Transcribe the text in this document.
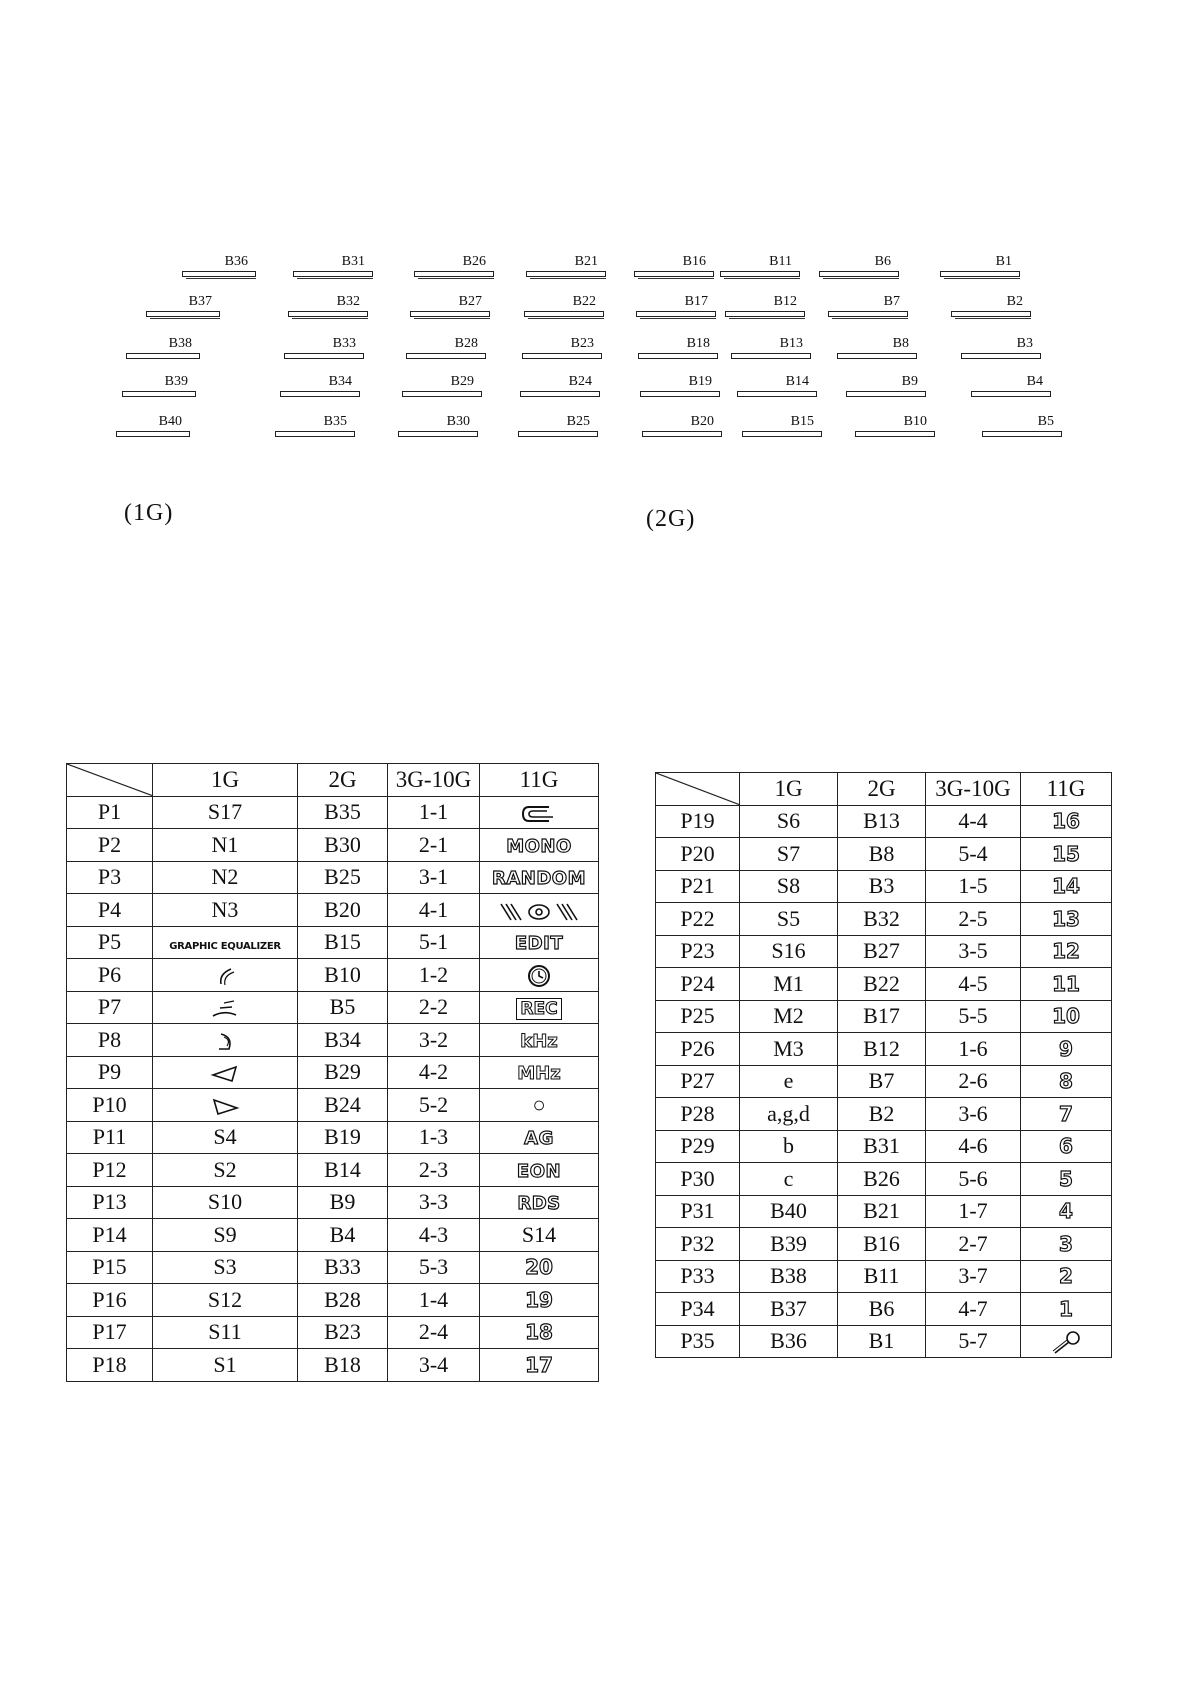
B36
B37
B38
B39
B40
B31
B32
B33
B34
B35
B26
B27
B28
B29
B30
B21
B22
B23
B24
B25
B16
B17
B18
B19
B20
B11
B12
B13
B14
B15
B6
B7
B8
B9
B10
B1
B2
B3
B4
B5
(1G)	(2G)
	1G	2G	3G-10G	11G
P1	S17	B35	1-1	
P2	N1	B30	2-1	MONO
P3	N2	B25	3-1	RANDOM
P4	N3	B20	4-1	
P5	GRAPHIC EQUALIZER	B15	5-1	EDIT
P6		B10	1-2	
P7		B5	2-2	REC
P8		B34	3-2	kHz
P9		B29	4-2	MHz
P10		B24	5-2	○
P11	S4	B19	1-3	AG
P12	S2	B14	2-3	EON
P13	S10	B9	3-3	RDS
P14	S9	B4	4-3	S14
P15	S3	B33	5-3	20
P16	S12	B28	1-4	19
P17	S11	B23	2-4	18
P18	S1	B18	3-4	17
	1G	2G	3G-10G	11G
P19	S6	B13	4-4	16
P20	S7	B8	5-4	15
P21	S8	B3	1-5	14
P22	S5	B32	2-5	13
P23	S16	B27	3-5	12
P24	M1	B22	4-5	11
P25	M2	B17	5-5	10
P26	M3	B12	1-6	9
P27	e	B7	2-6	8
P28	a,g,d	B2	3-6	7
P29	b	B31	4-6	6
P30	c	B26	5-6	5
P31	B40	B21	1-7	4
P32	B39	B16	2-7	3
P33	B38	B11	3-7	2
P34	B37	B6	4-7	1
P35	B36	B1	5-7	
